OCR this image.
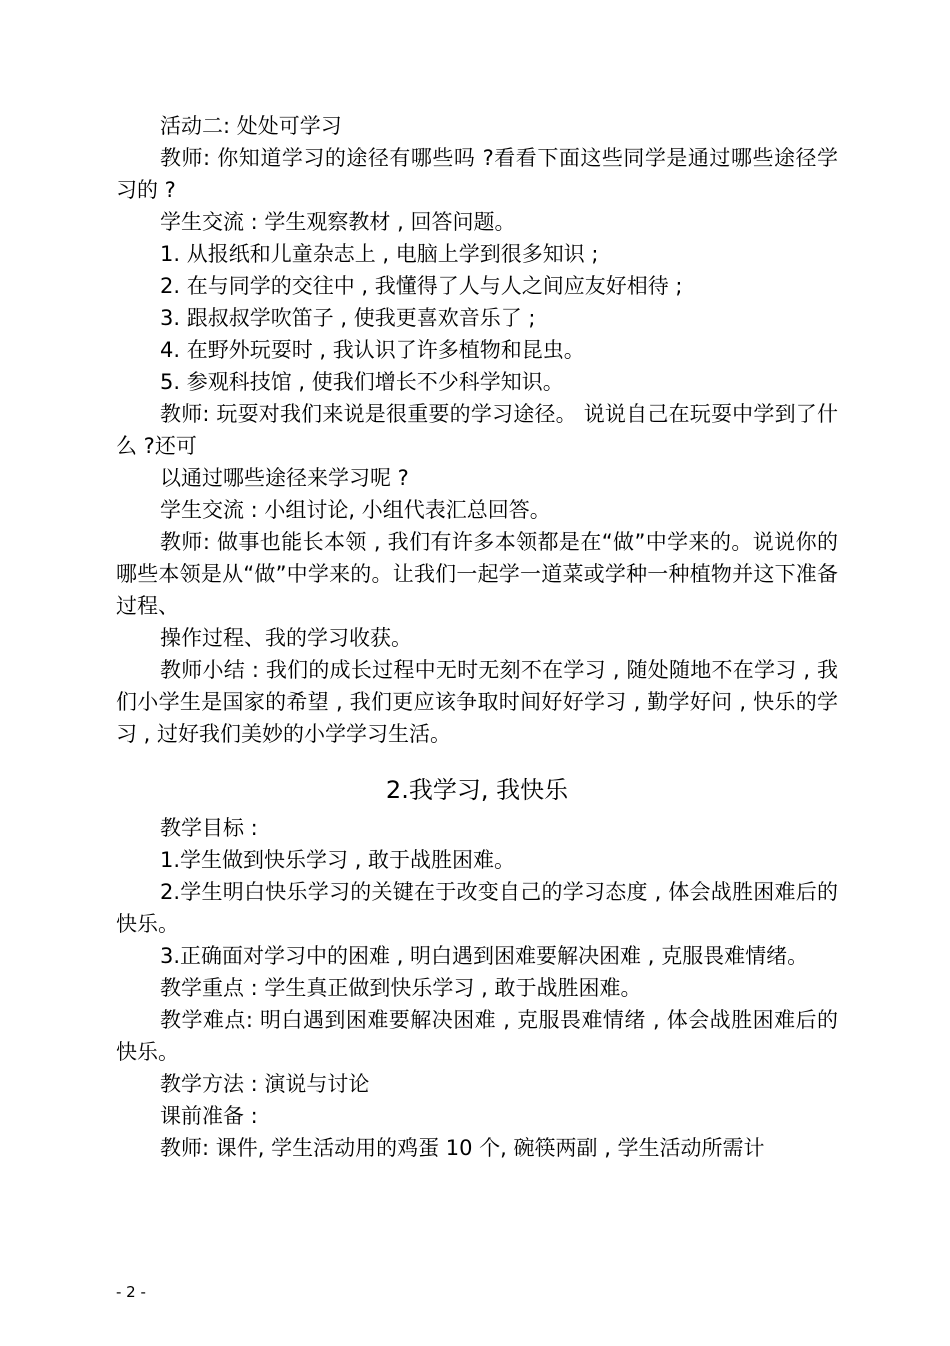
活动二: 处处可学习

教师: 你知道学习的途径有哪些吗 ?看看下面这些同学是通过哪些途径学习的 ?

学生交流 : 学生观察教材 , 回答问题。

1. 从报纸和儿童杂志上 , 电脑上学到很多知识 ;

2. 在与同学的交往中 , 我懂得了人与人之间应友好相待 ;

3. 跟叔叔学吹笛子 , 使我更喜欢音乐了 ;

4. 在野外玩耍时 , 我认识了许多植物和昆虫。

5. 参观科技馆 , 使我们增长不少科学知识。

教师: 玩耍对我们来说是很重要的学习途径。 说说自己在玩耍中学到了什么 ?还可

以通过哪些途径来学习呢 ?

学生交流 : 小组讨论, 小组代表汇总回答。

教师: 做事也能长本领 , 我们有许多本领都是在“做”中学来的。说说你的哪些本领是从“做”中学来的。让我们一起学一道菜或学种一种植物并这下准备过程、

操作过程、我的学习收获。

教师小结 : 我们的成长过程中无时无刻不在学习 , 随处随地不在学习 , 我们小学生是国家的希望 , 我们更应该争取时间好好学习 , 勤学好问 , 快乐的学习 , 过好我们美妙的小学学习生活。

2.我学习, 我快乐

教学目标 :

1.学生做到快乐学习 , 敢于战胜困难。

2.学生明白快乐学习的关键在于改变自己的学习态度 , 体会战胜困难后的快乐。

3.正确面对学习中的困难 , 明白遇到困难要解决困难 , 克服畏难情绪。

教学重点 : 学生真正做到快乐学习 , 敢于战胜困难。

教学难点: 明白遇到困难要解决困难 , 克服畏难情绪 , 体会战胜困难后的快乐。

教学方法 : 演说与讨论

课前准备 :

教师: 课件, 学生活动用的鸡蛋 10 个, 碗筷两副 , 学生活动所需计

- 2 -
